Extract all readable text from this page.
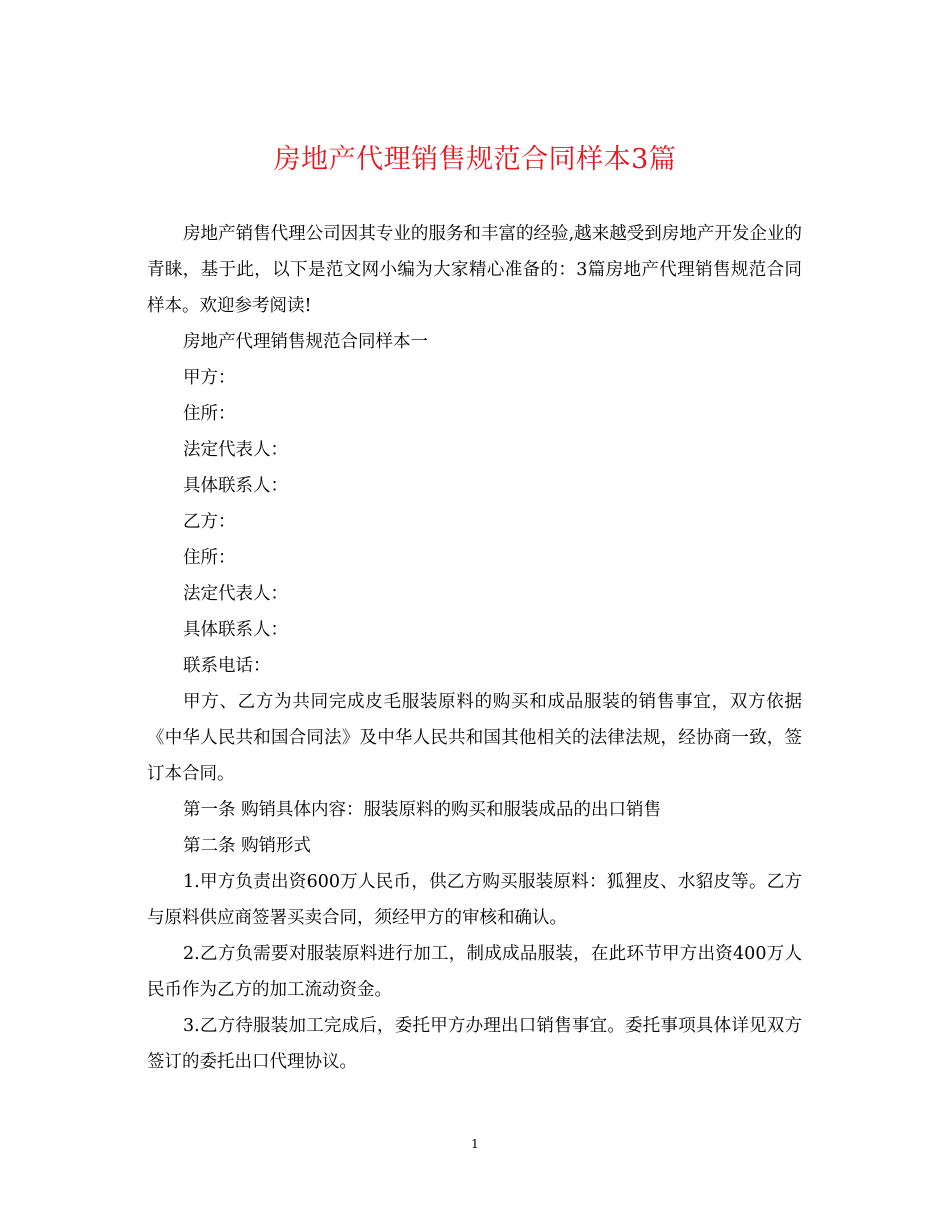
房地产代理销售规范合同样本3篇

房地产销售代理公司因其专业的服务和丰富的经验,越来越受到房地产开发企业的青睐，基于此，以下是范文网小编为大家精心准备的：3篇房地产代理销售规范合同样本。欢迎参考阅读!

房地产代理销售规范合同样本一

甲方：

住所：

法定代表人：

具体联系人：

乙方：

住所：

法定代表人：

具体联系人：

联系电话：

甲方、乙方为共同完成皮毛服装原料的购买和成品服装的销售事宜，双方依据《中华人民共和国合同法》及中华人民共和国其他相关的法律法规，经协商一致，签订本合同。

第一条 购销具体内容：服装原料的购买和服装成品的出口销售

第二条 购销形式

1.甲方负责出资600万人民币，供乙方购买服装原料：狐狸皮、水貂皮等。乙方与原料供应商签署买卖合同，须经甲方的审核和确认。

2.乙方负需要对服装原料进行加工，制成成品服装，在此环节甲方出资400万人民币作为乙方的加工流动资金。

3.乙方待服装加工完成后，委托甲方办理出口销售事宜。委托事项具体详见双方签订的委托出口代理协议。

1
